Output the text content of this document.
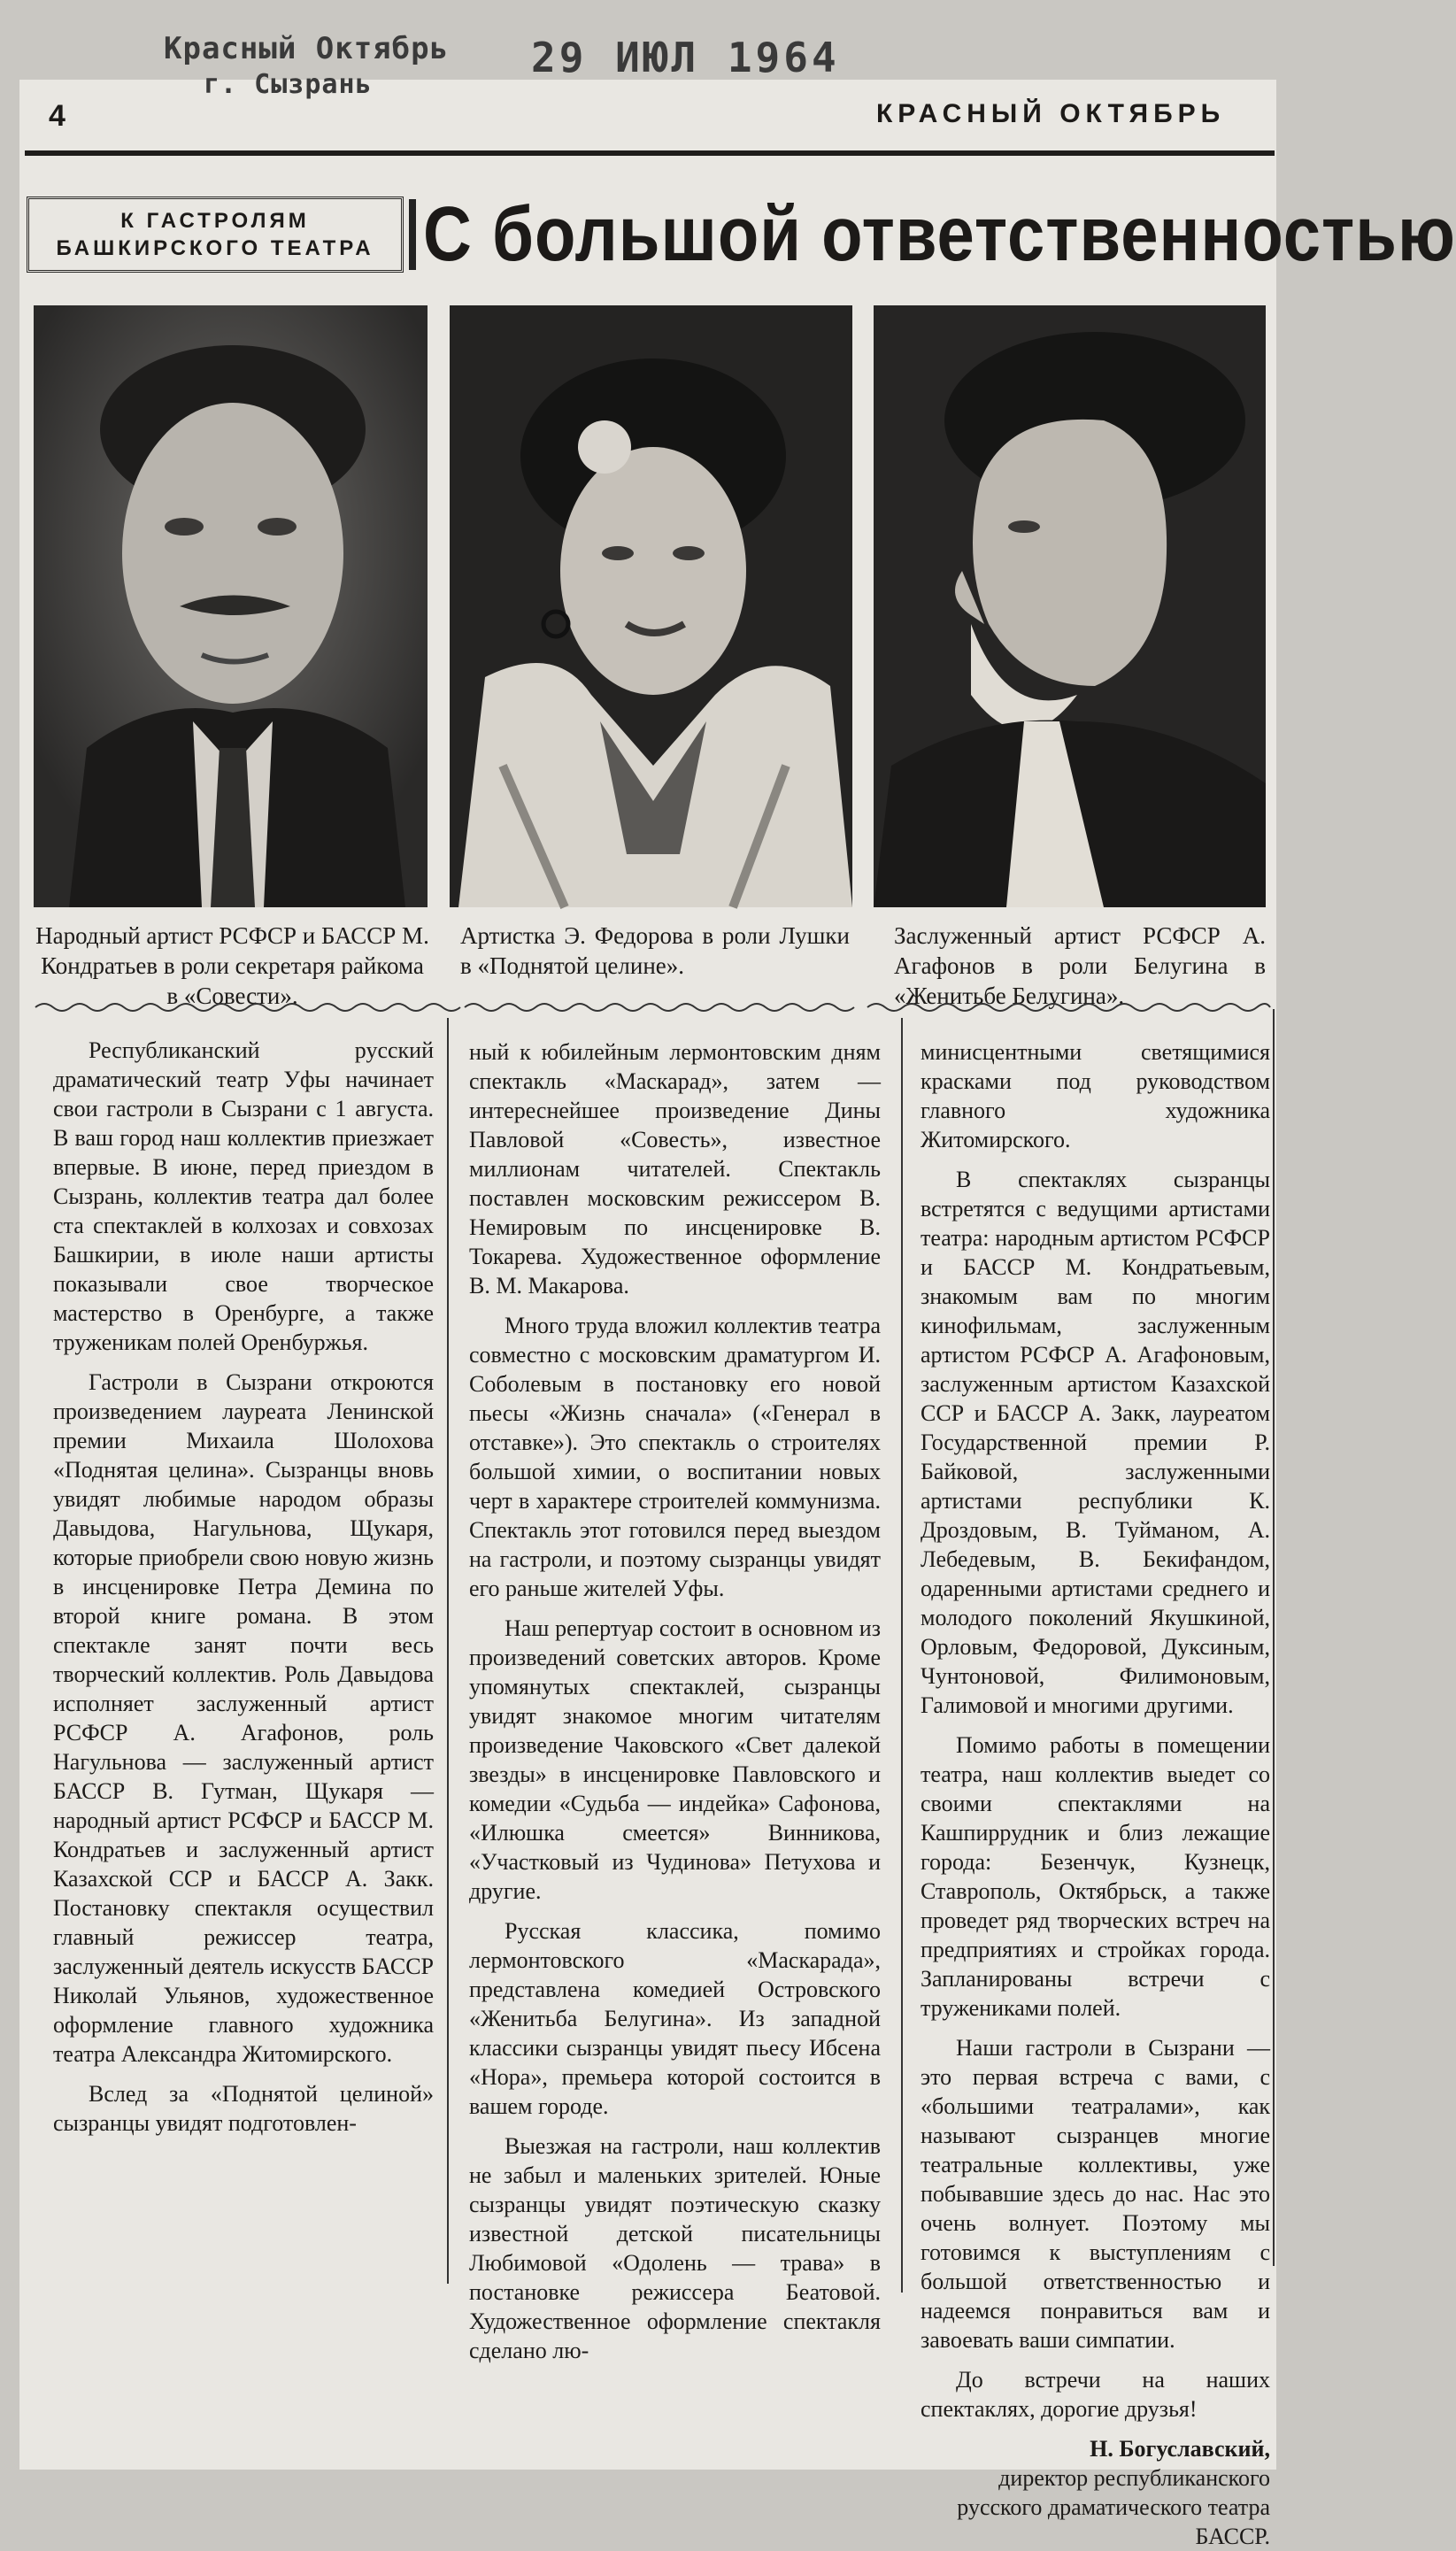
Красный Октябрь
г. Сызрань
29 ИЮЛ 1964
4	КРАСНЫЙ ОКТЯБРЬ
К ГАСТРОЛЯМ
БАШКИРСКОГО ТЕАТРА С большой ответственностью
Народный артист РСФСР и БАССР М. Кондратьев в роли секретаря райкома в «Совести».
Артистка Э. Федорова в роли Лушки в «Поднятой целине».
Заслуженный артист РСФСР А. Агафонов в роли Белугина в «Женитьбе Белугина».

Республиканский русский драматический театр Уфы начинает свои гастроли в Сызрани с 1 августа. В ваш город наш коллектив приезжает впервые. В июне, перед приездом в Сызрань, коллектив театра дал более ста спектаклей в колхозах и совхозах Башкирии, в июле наши артисты показывали свое творческое мастерство в Оренбурге, а также труженикам полей Оренбуржья.

Гастроли в Сызрани откроются произведением лауреата Ленинской премии Михаила Шолохова «Поднятая целина». Сызранцы вновь увидят любимые народом образы Давыдова, Нагульнова, Щукаря, которые приобрели свою новую жизнь в инсценировке Петра Демина по второй книге романа. В этом спектакле занят почти весь творческий коллектив. Роль Давыдова исполняет заслуженный артист РСФСР А. Агафонов, роль Нагульнова — заслуженный артист БАССР В. Гутман, Щукаря — народный артист РСФСР и БАССР М. Кондратьев и заслуженный артист Казахской ССР и БАССР А. Закк. Постановку спектакля осуществил главный режиссер театра, заслуженный деятель искусств БАССР Николай Ульянов, художественное оформление главного художника театра Александра Житомирского.

Вслед за «Поднятой целиной» сызранцы увидят подготовлен-

ный к юбилейным лермонтовским дням спектакль «Маскарад», затем — интереснейшее произведение Дины Павловой «Совесть», известное миллионам читателей. Спектакль поставлен московским режиссером В. Немировым по инсценировке В. Токарева. Художественное оформление В. М. Макарова.

Много труда вложил коллектив театра совместно с московским драматургом И. Соболевым в постановку его новой пьесы «Жизнь сначала» («Генерал в отставке»). Это спектакль о строителях большой химии, о воспитании новых черт в характере строителей коммунизма. Спектакль этот готовился перед выездом на гастроли, и поэтому сызранцы увидят его раньше жителей Уфы.

Наш репертуар состоит в основном из произведений советских авторов. Кроме упомянутых спектаклей, сызранцы увидят знакомое многим читателям произведение Чаковского «Свет далекой звезды» в инсценировке Павловского и комедии «Судьба — индейка» Сафонова, «Илюшка смеется» Винникова, «Участковый из Чудинова» Петухова и другие.

Русская классика, помимо лермонтовского «Маскарада», представлена комедией Островского «Женитьба Белугина». Из западной классики сызранцы увидят пьесу Ибсена «Нора», премьера которой состоится в вашем городе.

Выезжая на гастроли, наш коллектив не забыл и маленьких зрителей. Юные сызранцы увидят поэтическую сказку известной детской писательницы Любимовой «Одолень — трава» в постановке режиссера Беатовой. Художественное оформление спектакля сделано лю-

минисцентными светящимися красками под руководством главного художника Житомирского.

В спектаклях сызранцы встретятся с ведущими артистами театра: народным артистом РСФСР и БАССР М. Кондратьевым, знакомым вам по многим кинофильмам, заслуженным артистом РСФСР А. Агафоновым, заслуженным артистом Казахской ССР и БАССР А. Закк, лауреатом Государственной премии Р. Байковой, заслуженными артистами республики К. Дроздовым, В. Туйманом, А. Лебедевым, В. Бекифандом, одаренными артистами среднего и молодого поколений Якушкиной, Орловым, Федоровой, Дуксиным, Чунтоновой, Филимоновым, Галимовой и многими другими.

Помимо работы в помещении театра, наш коллектив выедет со своими спектаклями на Кашпиррудник и близ лежащие города: Безенчук, Кузнецк, Ставрополь, Октябрьск, а также проведет ряд творческих встреч на предприятиях и стройках города. Запланированы встречи с тружениками полей.

Наши гастроли в Сызрани — это первая встреча с вами, с «большими театралами», как называют сызранцев многие театральные коллективы, уже побывавшие здесь до нас. Нас это очень волнует. Поэтому мы готовимся к выступлениям с большой ответственностью и надеемся понравиться вам и завоевать ваши симпатии.

До встречи на наших спектаклях, дорогие друзья!

Н. Богуславский,
директор республиканского русского драматического театра БАССР.
